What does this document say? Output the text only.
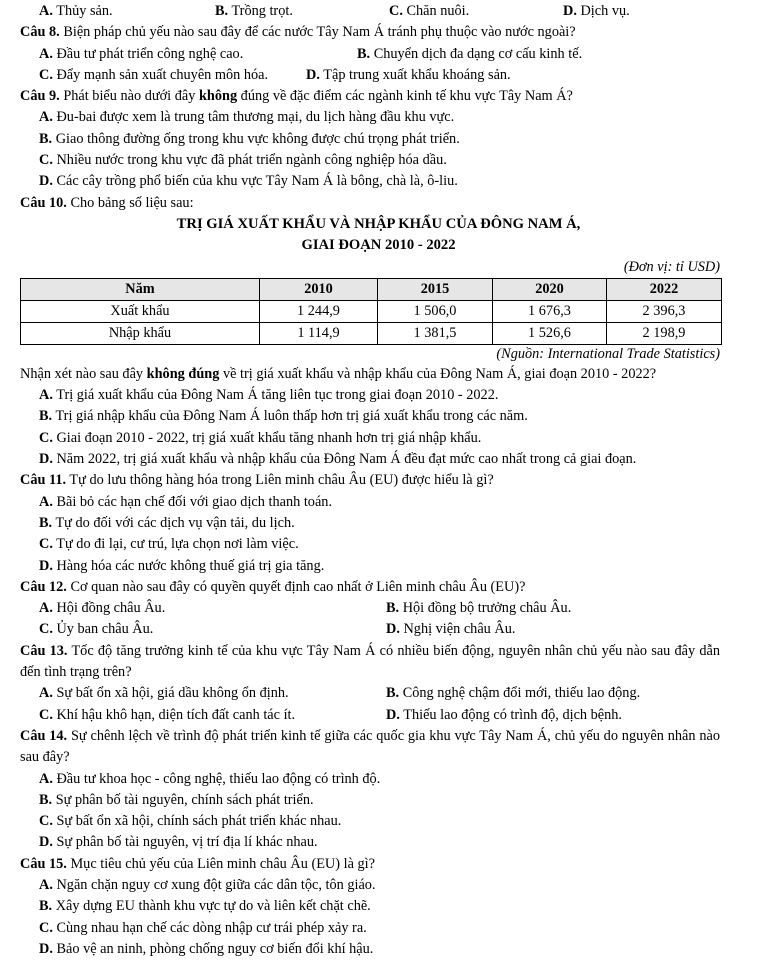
A. Thủy sản.	B. Trồng trọt.	C. Chăn nuôi.	D. Dịch vụ.
Câu 8. Biện pháp chủ yếu nào sau đây để các nước Tây Nam Á tránh phụ thuộc vào nước ngoài?
A. Đầu tư phát triển công nghệ cao.	B. Chuyển dịch đa dạng cơ cấu kinh tế.
C. Đẩy mạnh sản xuất chuyên môn hóa.	D. Tập trung xuất khẩu khoáng sản.
Câu 9. Phát biểu nào dưới đây không đúng về đặc điểm các ngành kinh tế khu vực Tây Nam Á?
A. Đu-bai được xem là trung tâm thương mại, du lịch hàng đầu khu vực.
B. Giao thông đường ống trong khu vực không được chú trọng phát triển.
C. Nhiều nước trong khu vực đã phát triển ngành công nghiệp hóa dầu.
D. Các cây trồng phổ biến của khu vực Tây Nam Á là bông, chà là, ô-liu.
Câu 10. Cho bảng số liệu sau:
TRỊ GIÁ XUẤT KHẨU VÀ NHẬP KHẨU CỦA ĐÔNG NAM Á,
GIAI ĐOẠN 2010 - 2022
(Đơn vị: tỉ USD)
Năm	2010	2015	2020	2022
Xuất khẩu	1 244,9	1 506,0	1 676,3	2 396,3
Nhập khẩu	1 114,9	1 381,5	1 526,6	2 198,9
(Nguồn: International Trade Statistics)
Nhận xét nào sau đây không đúng về trị giá xuất khẩu và nhập khẩu của Đông Nam Á, giai đoạn 2010 - 2022?
A. Trị giá xuất khẩu của Đông Nam Á tăng liên tục trong giai đoạn 2010 - 2022.
B. Trị giá nhập khẩu của Đông Nam Á luôn thấp hơn trị giá xuất khẩu trong các năm.
C. Giai đoạn 2010 - 2022, trị giá xuất khẩu tăng nhanh hơn trị giá nhập khẩu.
D. Năm 2022, trị giá xuất khẩu và nhập khẩu của Đông Nam Á đều đạt mức cao nhất trong cả giai đoạn.
Câu 11. Tự do lưu thông hàng hóa trong Liên minh châu Âu (EU) được hiểu là gì?
A. Bãi bỏ các hạn chế đối với giao dịch thanh toán.
B. Tự do đối với các dịch vụ vận tải, du lịch.
C. Tự do đi lại, cư trú, lựa chọn nơi làm việc.
D. Hàng hóa các nước không thuế giá trị gia tăng.
Câu 12. Cơ quan nào sau đây có quyền quyết định cao nhất ở Liên minh châu Âu (EU)?
A. Hội đồng châu Âu.	B. Hội đồng bộ trưởng châu Âu.
C. Ủy ban châu Âu.	D. Nghị viện châu Âu.
Câu 13. Tốc độ tăng trưởng kinh tế của khu vực Tây Nam Á có nhiều biến động, nguyên nhân chủ yếu nào sau đây dẫn đến tình trạng trên?
A. Sự bất ổn xã hội, giá dầu không ổn định.	B. Công nghệ chậm đổi mới, thiếu lao động.
C. Khí hậu khô hạn, diện tích đất canh tác ít.	D. Thiếu lao động có trình độ, dịch bệnh.
Câu 14. Sự chênh lệch về trình độ phát triển kinh tế giữa các quốc gia khu vực Tây Nam Á, chủ yếu do nguyên nhân nào sau đây?
A. Đầu tư khoa học - công nghệ, thiếu lao động có trình độ.
B. Sự phân bố tài nguyên, chính sách phát triển.
C. Sự bất ổn xã hội, chính sách phát triển khác nhau.
D. Sự phân bố tài nguyên, vị trí địa lí khác nhau.
Câu 15. Mục tiêu chủ yếu của Liên minh châu Âu (EU) là gì?
A. Ngăn chặn nguy cơ xung đột giữa các dân tộc, tôn giáo.
B. Xây dựng EU thành khu vực tự do và liên kết chặt chẽ.
C. Cùng nhau hạn chế các dòng nhập cư trái phép xảy ra.
D. Bảo vệ an ninh, phòng chống nguy cơ biến đổi khí hậu.
